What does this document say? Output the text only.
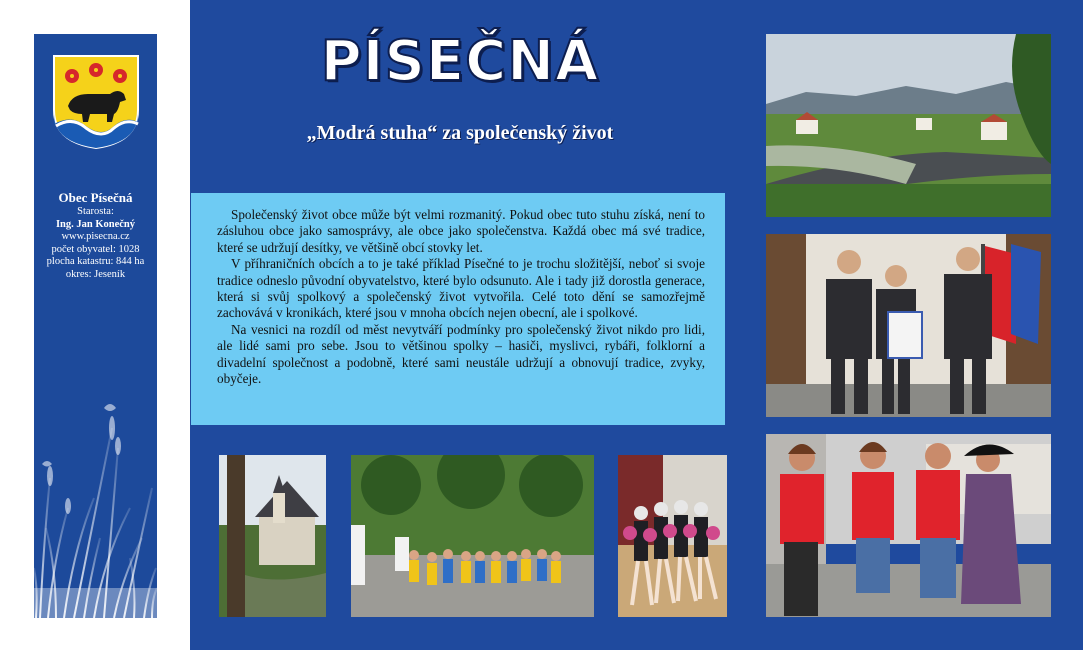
Obec Písečná
Starosta:
Ing. Jan Konečný
www.pisecna.cz
počet obyvatel: 1028
plocha katastru: 844 ha
okres: Jeseník
PÍSEČNÁ
„Modrá stuha“ za společenský život

Společenský život obce může být velmi rozmanitý. Pokud obec tuto stuhu získá, není to zásluhou obce jako samosprávy, ale obce jako společenstva. Každá obec má své tradice, které se udržují desítky, ve většině obcí stovky let.

V příhraničních obcích a to je také příklad Písečné to je trochu složitější, neboť si svoje tradice odneslo původní obyvatelstvo, které bylo odsunuto. Ale i tady již dorostla generace, která si svůj spolkový a společenský život vytvořila. Celé toto dění se samozřejmě zachovává v kronikách, které jsou v mnoha obcích nejen obecní, ale i spolkové.

Na vesnici na rozdíl od měst nevytváří podmínky pro společenský život nikdo pro lidi, ale lidé sami pro sebe. Jsou to většinou spolky – hasiči, myslivci, rybáři, folklorní a divadelní společnost a podobně, které sami neustále udržují a obnovují tradice, zvyky, obyčeje.
